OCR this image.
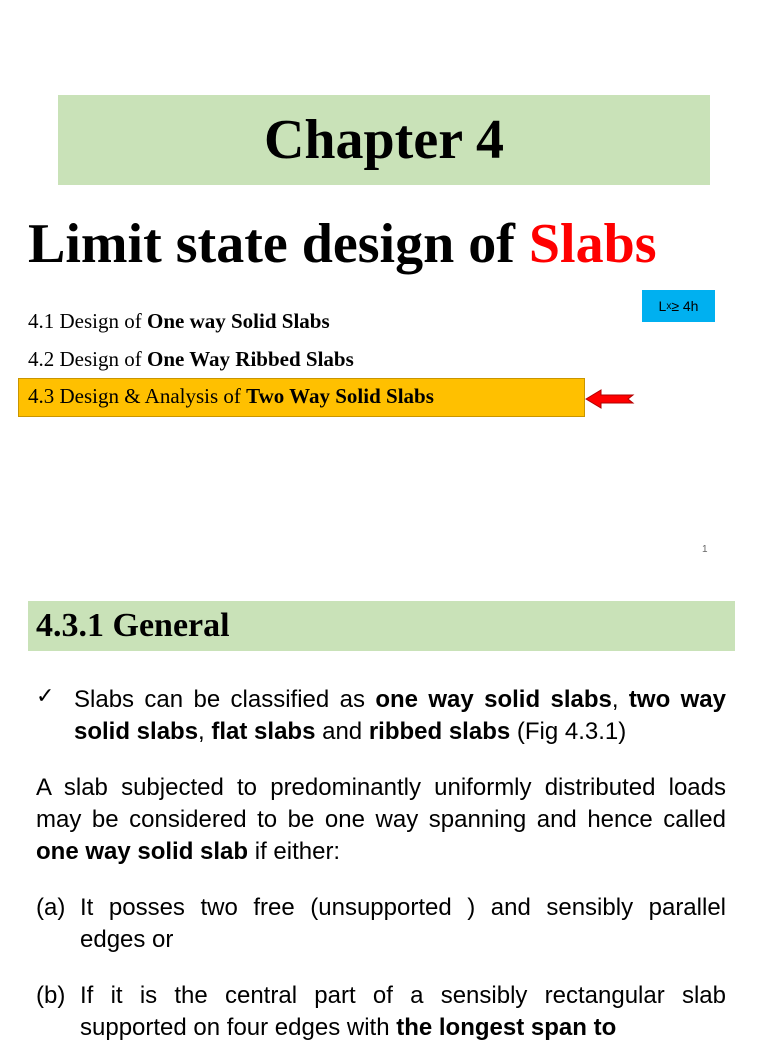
Chapter 4
Limit state design of Slabs
L x ≥ 4h
4.1 Design of One way Solid Slabs
4.2 Design of One Way Ribbed Slabs
4.3 Design & Analysis of Two Way Solid Slabs
1
4.3.1 General
✓ Slabs can be classified as one way solid slabs, two way solid slabs, flat slabs and ribbed slabs (Fig 4.3.1)
A slab subjected to predominantly uniformly distributed loads may be considered to be one way spanning and hence called one way solid slab if either:
(a) It posses two free (unsupported ) and sensibly parallel edges or
(b) If it is the central part of a sensibly rectangular slab supported on four edges with the longest span to
